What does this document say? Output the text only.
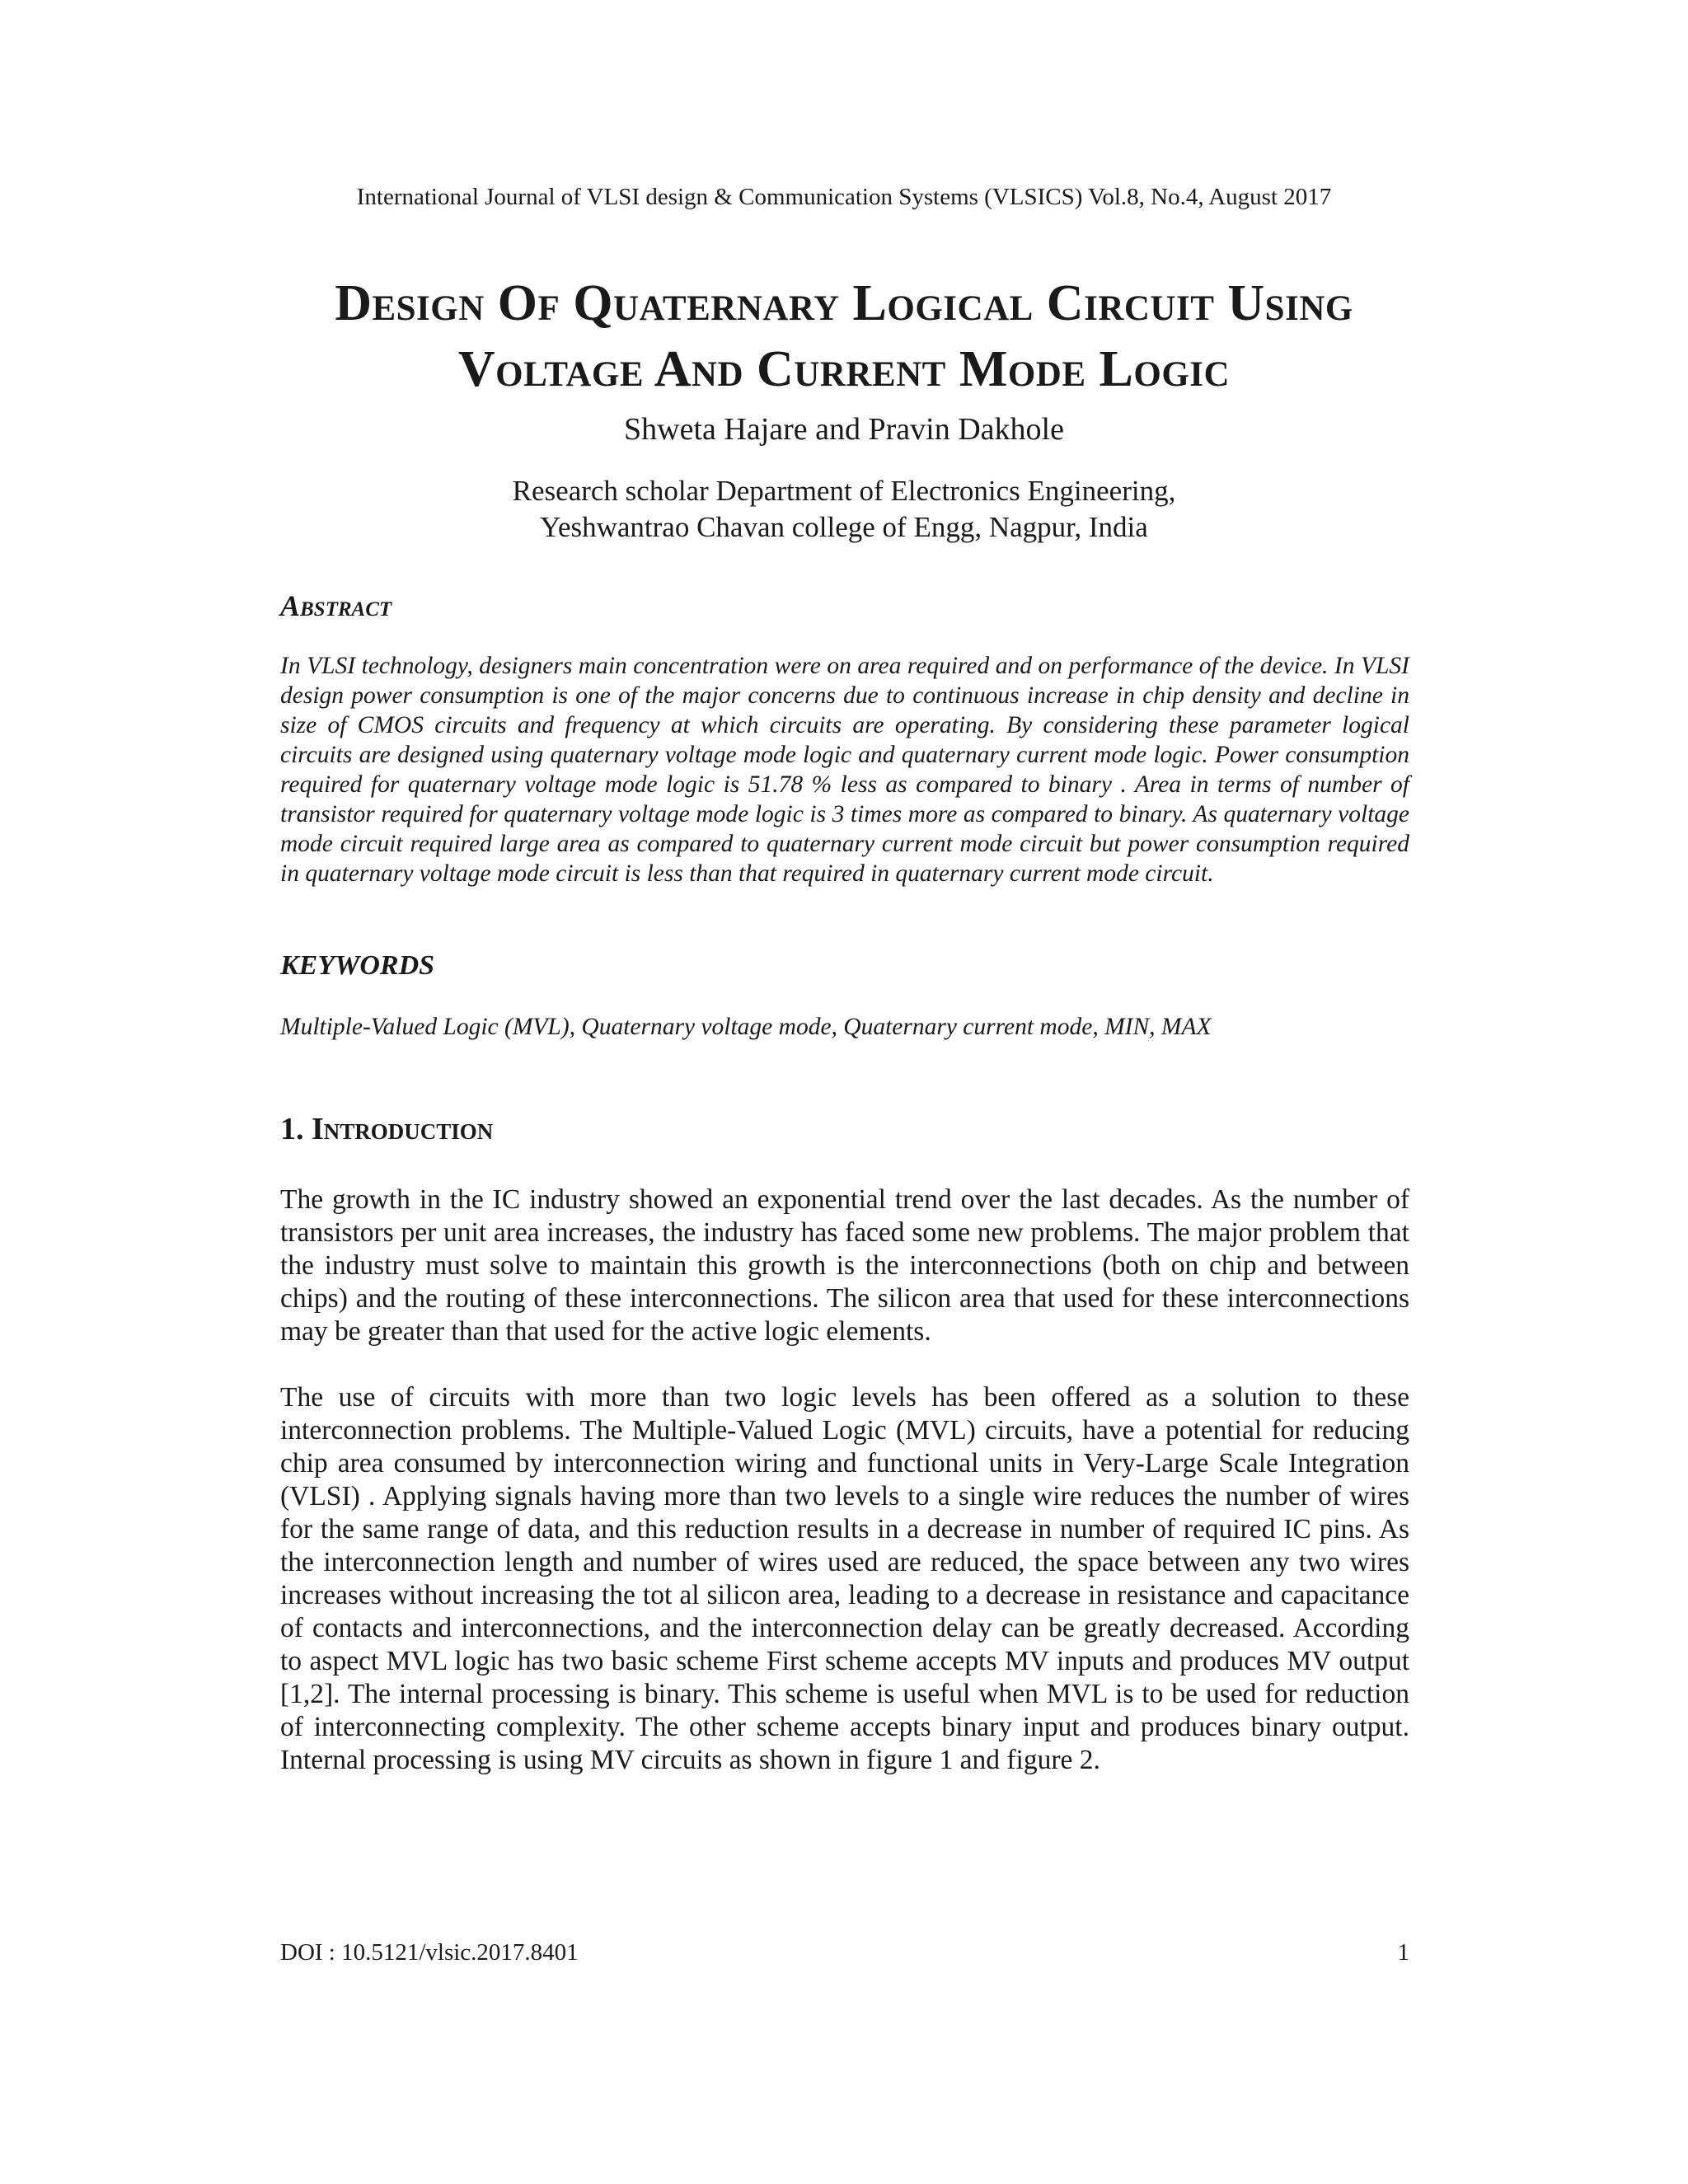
International Journal of VLSI design & Communication Systems (VLSICS) Vol.8, No.4, August 2017
Design Of Quaternary Logical Circuit Using
Voltage And Current Mode Logic
Shweta Hajare and Pravin Dakhole
Research scholar Department of Electronics Engineering,
Yeshwantrao Chavan college of Engg, Nagpur, India
Abstract
In VLSI technology, designers main concentration were on area required and on performance of the device. In VLSI design power consumption is one of the major concerns due to continuous increase in chip density and decline in size of CMOS circuits and frequency at which circuits are operating. By considering these parameter logical circuits are designed using quaternary voltage mode logic and quaternary current mode logic. Power consumption required for quaternary voltage mode logic is 51.78 % less as compared to binary . Area in terms of number of transistor required for quaternary voltage mode logic is 3 times more as compared to binary. As quaternary voltage mode circuit required large area as compared to quaternary current mode circuit but power consumption required in quaternary voltage mode circuit is less than that required in quaternary current mode circuit.
KEYWORDS
Multiple-Valued Logic (MVL), Quaternary voltage mode, Quaternary current mode, MIN, MAX
1. Introduction

The growth in the IC industry showed an exponential trend over the last decades. As the number of transistors per unit area increases, the industry has faced some new problems. The major problem that the industry must solve to maintain this growth is the interconnections (both on chip and between chips) and the routing of these interconnections. The silicon area that used for these interconnections may be greater than that used for the active logic elements.

The use of circuits with more than two logic levels has been offered as a solution to these interconnection problems. The Multiple-Valued Logic (MVL) circuits, have a potential for reducing chip area consumed by interconnection wiring and functional units in Very-Large Scale Integration (VLSI) . Applying signals having more than two levels to a single wire reduces the number of wires for the same range of data, and this reduction results in a decrease in number of required IC pins. As the interconnection length and number of wires used are reduced, the space between any two wires increases without increasing the tot al silicon area, leading to a decrease in resistance and capacitance of contacts and interconnections, and the interconnection delay can be greatly decreased. According to aspect MVL logic has two basic scheme First scheme accepts MV inputs and produces MV output [1,2]. The internal processing is binary. This scheme is useful when MVL is to be used for reduction of interconnecting complexity. The other scheme accepts binary input and produces binary output. Internal processing is using MV circuits as shown in figure 1 and figure 2.

DOI : 10.5121/vlsic.2017.8401	1
